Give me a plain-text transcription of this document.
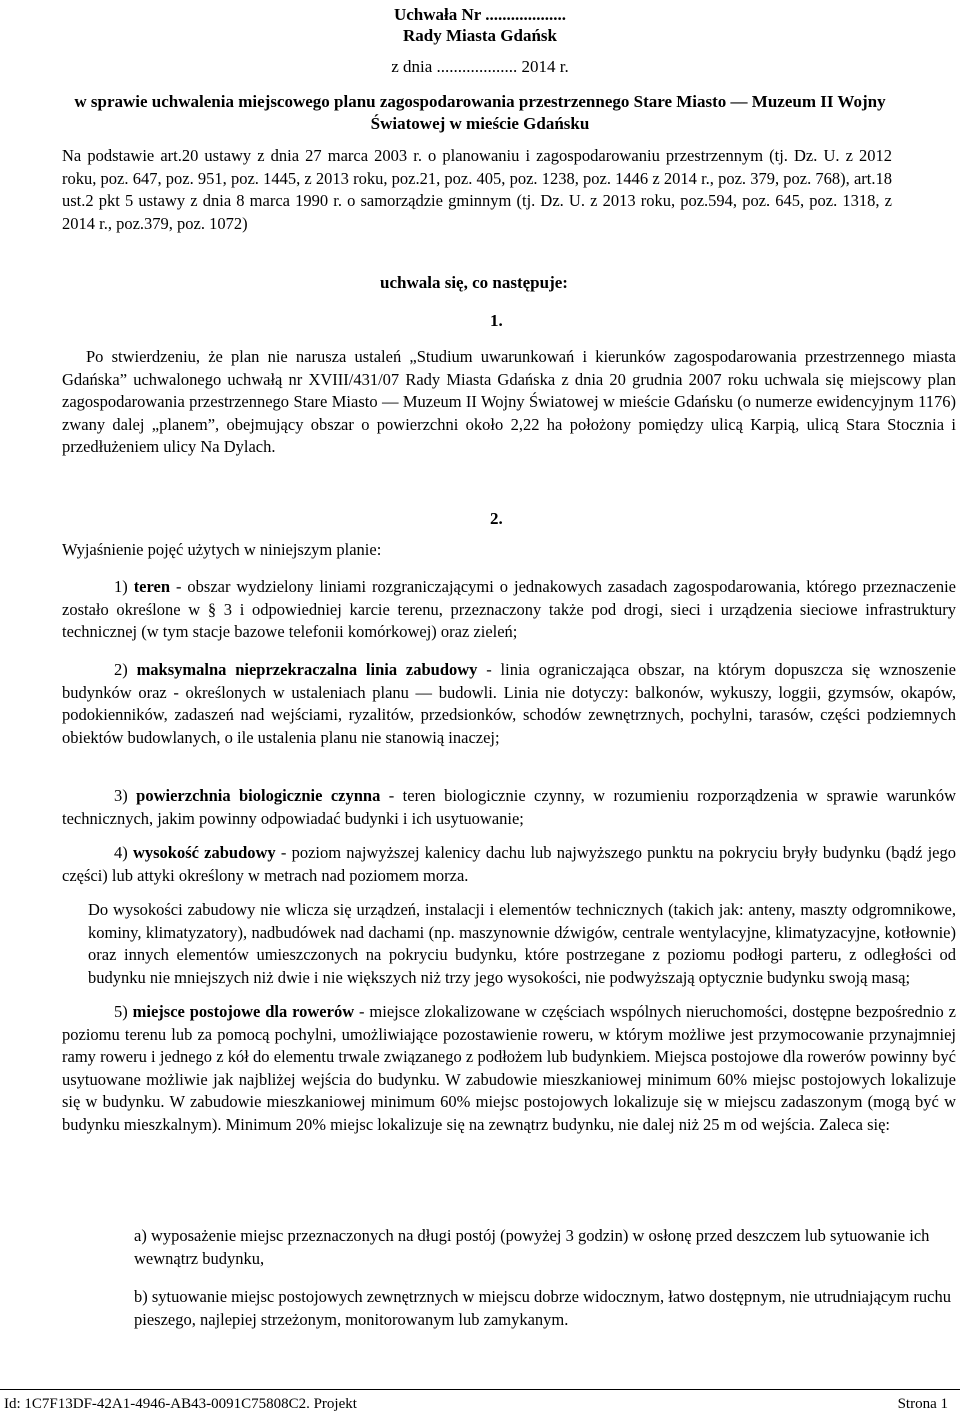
Uchwała Nr ...................
Rady Miasta Gdańsk
z dnia ................... 2014 r.
w sprawie uchwalenia miejscowego planu zagospodarowania przestrzennego Stare Miasto — Muzeum II Wojny Światowej w mieście Gdańsku

Na podstawie art.20 ustawy z dnia 27 marca 2003 r. o planowaniu i zagospodarowaniu przestrzennym (tj. Dz. U. z 2012 roku, poz. 647, poz. 951, poz. 1445, z 2013 roku, poz.21, poz. 405, poz. 1238, poz. 1446 z 2014 r., poz. 379, poz. 768), art.18 ust.2 pkt 5 ustawy z dnia 8 marca 1990 r. o samorządzie gminnym (tj. Dz. U. z 2013 roku, poz.594, poz. 645, poz. 1318, z 2014 r., poz.379, poz. 1072)

uchwala się, co następuje:
1.

Po stwierdzeniu, że plan nie narusza ustaleń „Studium uwarunkowań i kierunków zagospodarowania przestrzennego miasta Gdańska” uchwalonego uchwałą nr XVIII/431/07 Rady Miasta Gdańska z dnia 20 grudnia 2007 roku uchwala się miejscowy plan zagospodarowania przestrzennego Stare Miasto — Muzeum II Wojny Światowej w mieście Gdańsku (o numerze ewidencyjnym 1176) zwany dalej „planem”, obejmujący obszar o powierzchni około 2,22 ha położony pomiędzy ulicą Karpią, ulicą Stara Stocznia i przedłużeniem ulicy Na Dylach.

2.
Wyjaśnienie pojęć użytych w niniejszym planie:

1) teren - obszar wydzielony liniami rozgraniczającymi o jednakowych zasadach zagospodarowania, którego przeznaczenie zostało określone w § 3 i odpowiedniej karcie terenu, przeznaczony także pod drogi, sieci i urządzenia sieciowe infrastruktury technicznej (w tym stacje bazowe telefonii komórkowej) oraz zieleń;

2) maksymalna nieprzekraczalna linia zabudowy - linia ograniczająca obszar, na którym dopuszcza się wznoszenie budynków oraz - określonych w ustaleniach planu — budowli. Linia nie dotyczy: balkonów, wykuszy, loggii, gzymsów, okapów, podokienników, zadaszeń nad wejściami, ryzalitów, przedsionków, schodów zewnętrznych, pochylni, tarasów, części podziemnych obiektów budowlanych, o ile ustalenia planu nie stanowią inaczej;

3) powierzchnia biologicznie czynna - teren biologicznie czynny, w rozumieniu rozporządzenia w sprawie warunków technicznych, jakim powinny odpowiadać budynki i ich usytuowanie;

4) wysokość zabudowy - poziom najwyższej kalenicy dachu lub najwyższego punktu na pokryciu bryły budynku (bądź jego części) lub attyki określony w metrach nad poziomem morza.

Do wysokości zabudowy nie wlicza się urządzeń, instalacji i elementów technicznych (takich jak: anteny, maszty odgromnikowe, kominy, klimatyzatory), nadbudówek nad dachami (np. maszynownie dźwigów, centrale wentylacyjne, klimatyzacyjne, kotłownie) oraz innych elementów umieszczonych na pokryciu budynku, które postrzegane z poziomu podłogi parteru, z odległości od budynku nie mniejszych niż dwie i nie większych niż trzy jego wysokości, nie podwyższają optycznie budynku swoją masą;

5) miejsce postojowe dla rowerów - miejsce zlokalizowane w częściach wspólnych nieruchomości, dostępne bezpośrednio z poziomu terenu lub za pomocą pochylni, umożliwiające pozostawienie roweru, w którym możliwe jest przymocowanie przynajmniej ramy roweru i jednego z kół do elementu trwale związanego z podłożem lub budynkiem. Miejsca postojowe dla rowerów powinny być usytuowane możliwie jak najbliżej wejścia do budynku. W zabudowie mieszkaniowej minimum 60% miejsc postojowych lokalizuje się w budynku. W zabudowie mieszkaniowej minimum 60% miejsc postojowych lokalizuje się w miejscu zadaszonym (mogą być w budynku mieszkalnym). Minimum 20% miejsc lokalizuje się na zewnątrz budynku, nie dalej niż 25 m od wejścia. Zaleca się:

a) wyposażenie miejsc przeznaczonych na długi postój (powyżej 3 godzin) w osłonę przed deszczem lub sytuowanie ich wewnątrz budynku,

b) sytuowanie miejsc postojowych zewnętrznych w miejscu dobrze widocznym, łatwo dostępnym, nie utrudniającym ruchu pieszego, najlepiej strzeżonym, monitorowanym lub zamykanym.

Id: 1C7F13DF-42A1-4946-AB43-0091C75808C2. Projekt	Strona 1
